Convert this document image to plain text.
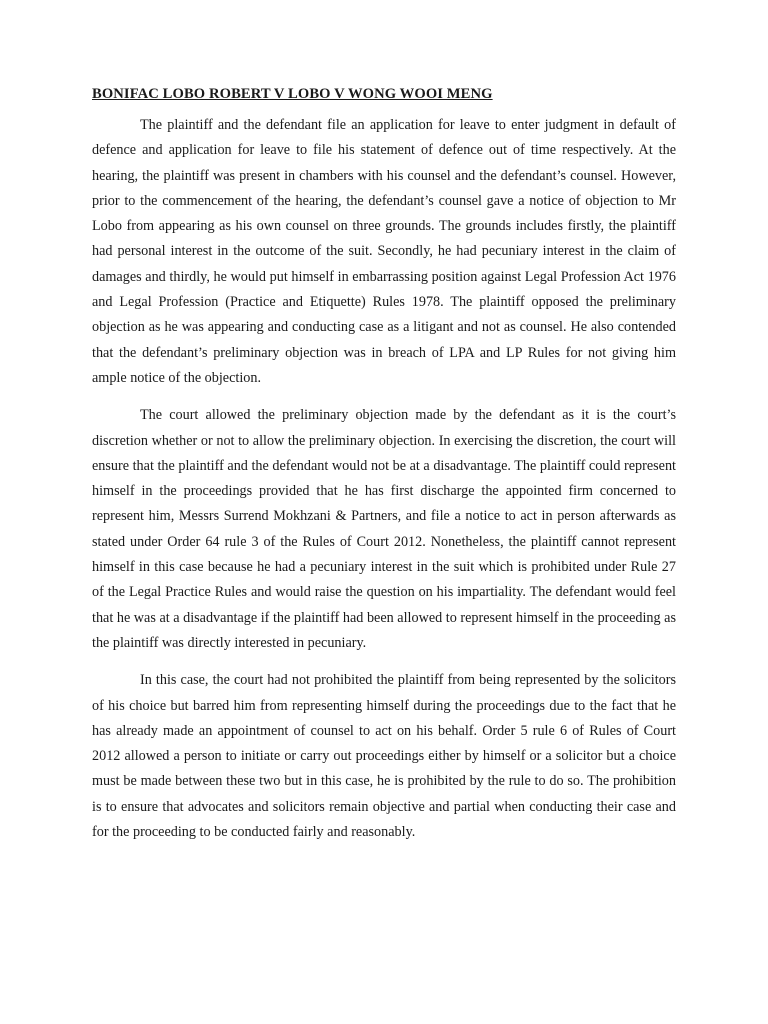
BONIFAC LOBO ROBERT V LOBO V WONG WOOI MENG

The plaintiff and the defendant file an application for leave to enter judgment in default of defence and application for leave to file his statement of defence out of time respectively. At the hearing, the plaintiff was present in chambers with his counsel and the defendant’s counsel. However, prior to the commencement of the hearing, the defendant’s counsel gave a notice of objection to Mr Lobo from appearing as his own counsel on three grounds. The grounds includes firstly, the plaintiff had personal interest in the outcome of the suit. Secondly, he had pecuniary interest in the claim of damages and thirdly, he would put himself in embarrassing position against Legal Profession Act 1976 and Legal Profession (Practice and Etiquette) Rules 1978. The plaintiff opposed the preliminary objection as he was appearing and conducting case as a litigant and not as counsel. He also contended that the defendant’s preliminary objection was in breach of LPA and LP Rules for not giving him ample notice of the objection.

The court allowed the preliminary objection made by the defendant as it is the court’s discretion whether or not to allow the preliminary objection. In exercising the discretion, the court will ensure that the plaintiff and the defendant would not be at a disadvantage. The plaintiff could represent himself in the proceedings provided that he has first discharge the appointed firm concerned to represent him, Messrs Surrend Mokhzani & Partners, and file a notice to act in person afterwards as stated under Order 64 rule 3 of the Rules of Court 2012. Nonetheless, the plaintiff cannot represent himself in this case because he had a pecuniary interest in the suit which is prohibited under Rule 27 of the Legal Practice Rules and would raise the question on his impartiality. The defendant would feel that he was at a disadvantage if the plaintiff had been allowed to represent himself in the proceeding as the plaintiff was directly interested in pecuniary.

In this case, the court had not prohibited the plaintiff from being represented by the solicitors of his choice but barred him from representing himself during the proceedings due to the fact that he has already made an appointment of counsel to act on his behalf. Order 5 rule 6 of Rules of Court 2012 allowed a person to initiate or carry out proceedings either by himself or a solicitor but a choice must be made between these two but in this case, he is prohibited by the rule to do so. The prohibition is to ensure that advocates and solicitors remain objective and partial when conducting their case and for the proceeding to be conducted fairly and reasonably.
